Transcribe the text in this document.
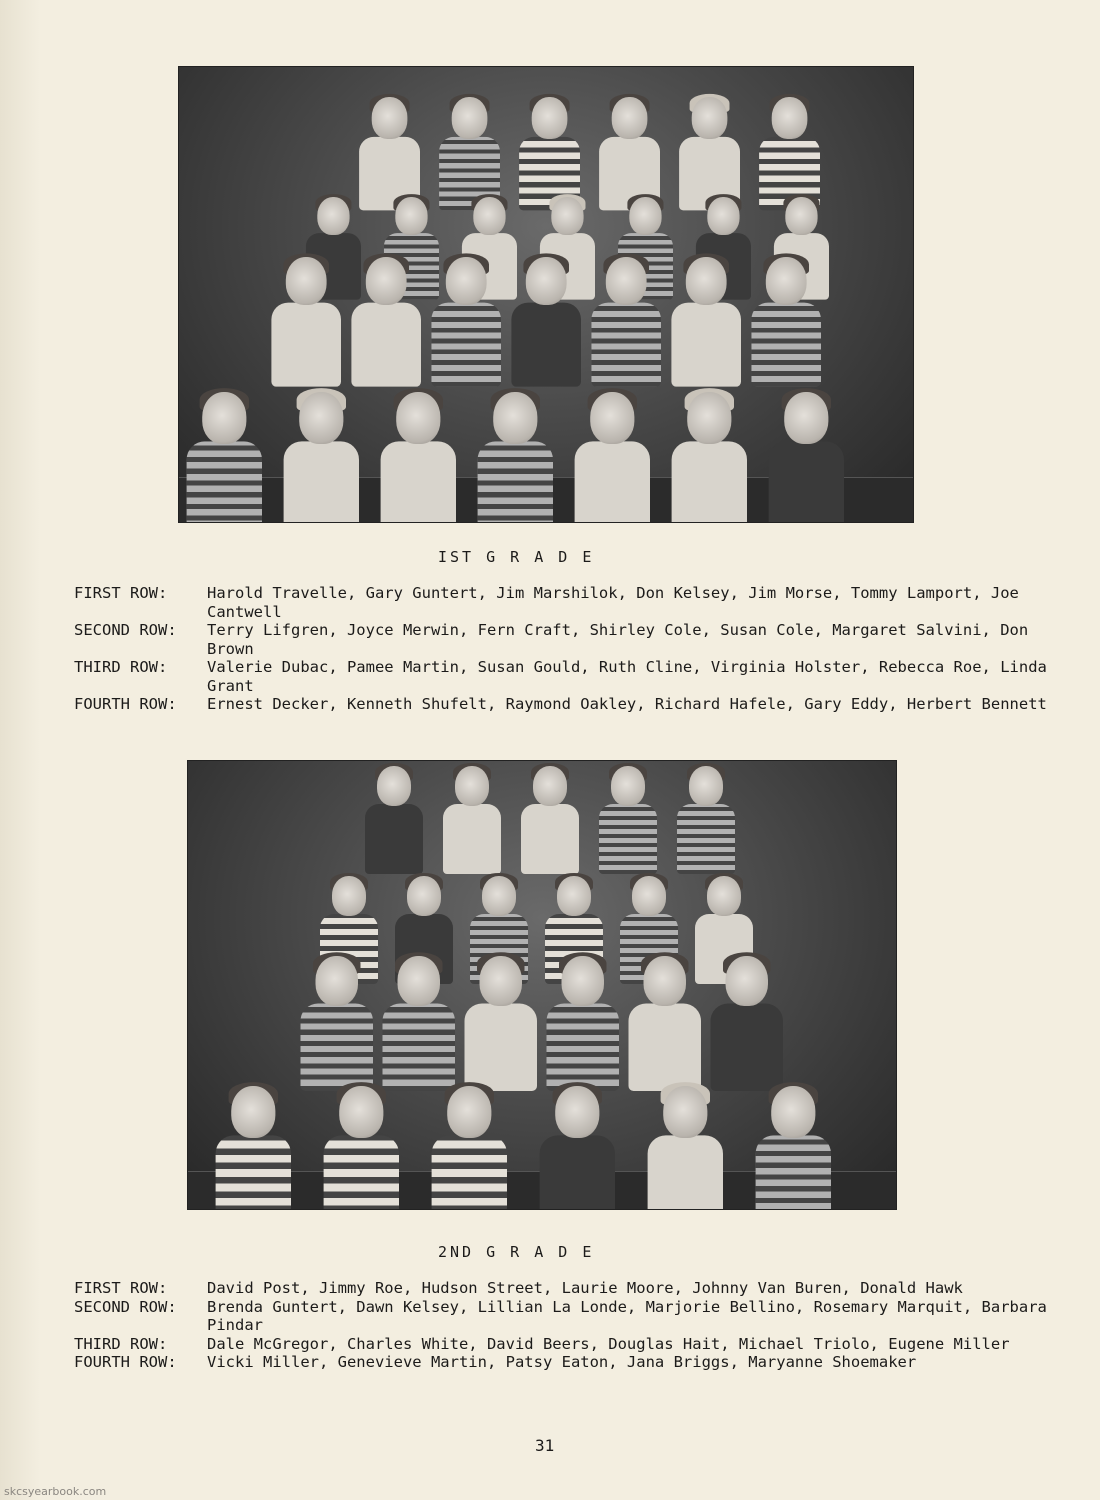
IST G R A D E
FIRST ROW:	Harold Travelle, Gary Guntert, Jim Marshilok, Don Kelsey, Jim Morse, Tommy Lamport, Joe Cantwell
SECOND ROW:	Terry Lifgren, Joyce Merwin, Fern Craft, Shirley Cole, Susan Cole, Margaret Salvini, Don Brown
THIRD ROW:	Valerie Dubac, Pamee Martin, Susan Gould, Ruth Cline, Virginia Holster, Rebecca Roe, Linda Grant
FOURTH ROW:	Ernest Decker, Kenneth Shufelt, Raymond Oakley, Richard Hafele, Gary Eddy, Herbert Bennett
2ND G R A D E
FIRST ROW:	David Post, Jimmy Roe, Hudson Street, Laurie Moore, Johnny Van Buren, Donald Hawk
SECOND ROW:	Brenda Guntert, Dawn Kelsey, Lillian La Londe, Marjorie Bellino, Rosemary Marquit, Barbara Pindar
THIRD ROW:	Dale McGregor, Charles White, David Beers, Douglas Hait, Michael Triolo, Eugene Miller
FOURTH ROW:	Vicki Miller, Genevieve Martin, Patsy Eaton, Jana Briggs, Maryanne Shoemaker
31
skcsyearbook.com
